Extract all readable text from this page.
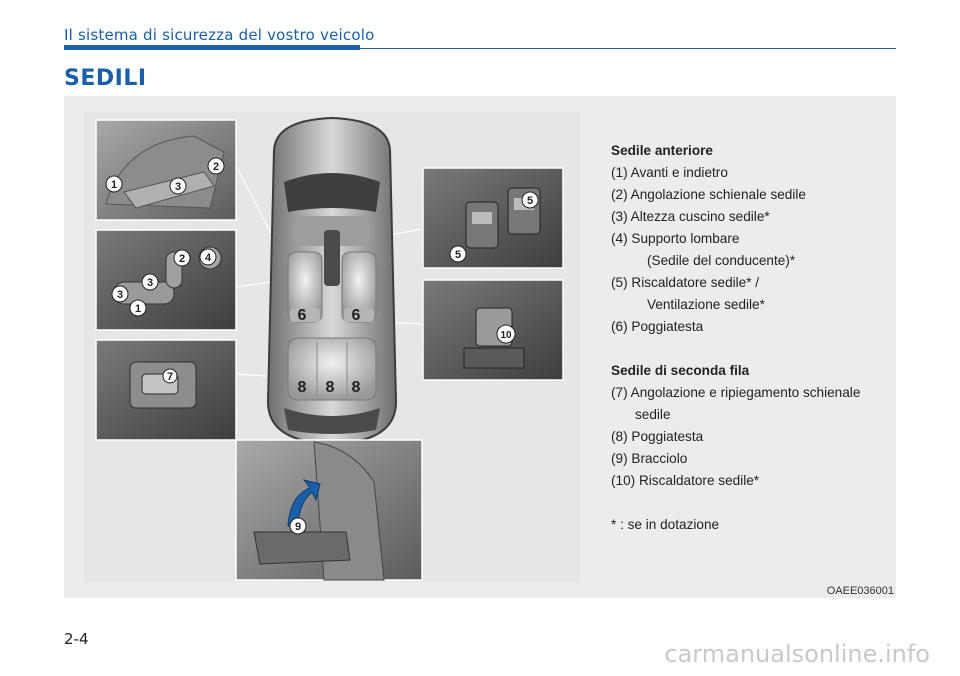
Il sistema di sicurezza del vostro veicolo
SEDILI
1
2
3
2 4
3
3
1
7
5
5
10
9
6	6
8 8 8
Sedile anteriore
(1) Avanti e indietro
(2) Angolazione schienale sedile
(3) Altezza cuscino sedile*
(4) Supporto lombare
(Sedile del conducente)*
(5) Riscaldatore sedile* /
Ventilazione sedile*
(6) Poggiatesta
Sedile di seconda fila
(7) Angolazione e ripiegamento schienale
sedile
(8) Poggiatesta
(9) Bracciolo
(10) Riscaldatore sedile*
* : se in dotazione
OAEE036001
2-4
carmanualsonline.info
